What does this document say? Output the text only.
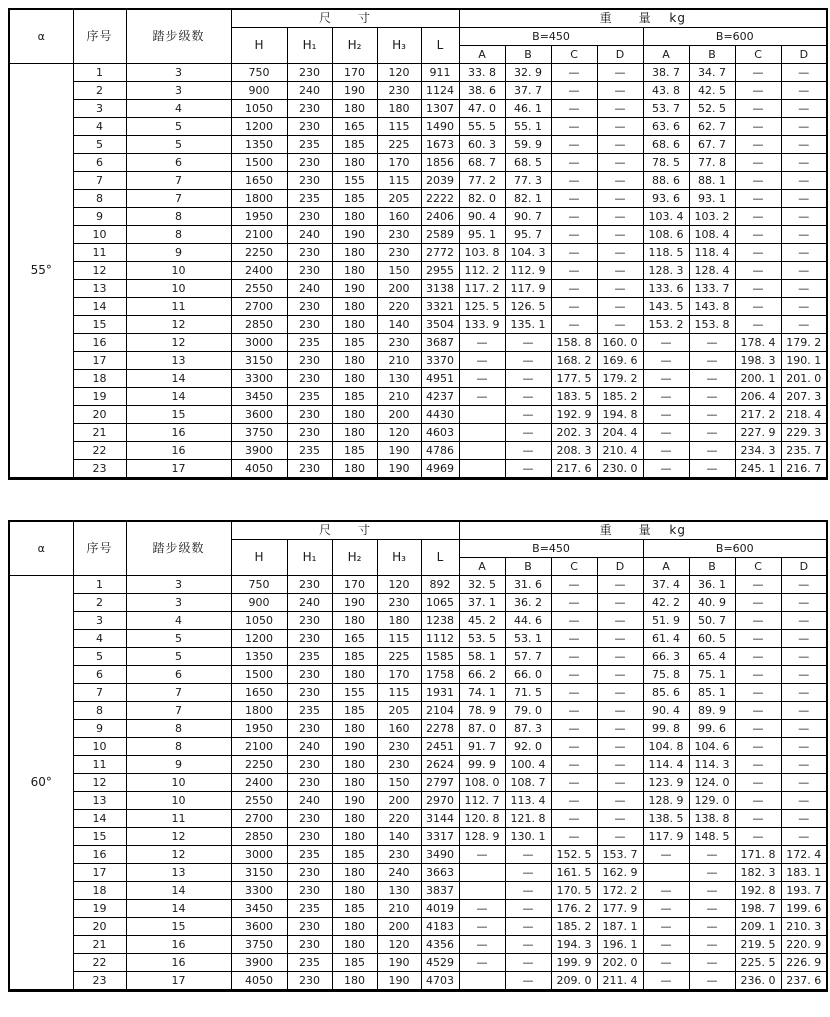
α	序号	踏步级数	尺　　寸					重　　量　 kg							
			H	H₁	H₂	H₃	L	B=450				B=600			
								A	B	C	D	A	B	C	D
55°	1	3	750	230	170	120	911	33. 8	32. 9	—	—	38. 7	34. 7	—	—
	2	3	900	240	190	230	1124	38. 6	37. 7	—	—	43. 8	42. 5	—	—
	3	4	1050	230	180	180	1307	47. 0	46. 1	—	—	53. 7	52. 5	—	—
	4	5	1200	230	165	115	1490	55. 5	55. 1	—	—	63. 6	62. 7	—	—
	5	5	1350	235	185	225	1673	60. 3	59. 9	—	—	68. 6	67. 7	—	—
	6	6	1500	230	180	170	1856	68. 7	68. 5	—	—	78. 5	77. 8	—	—
	7	7	1650	230	155	115	2039	77. 2	77. 3	—	—	88. 6	88. 1	—	—
	8	7	1800	235	185	205	2222	82. 0	82. 1	—	—	93. 6	93. 1	—	—
	9	8	1950	230	180	160	2406	90. 4	90. 7	—	—	103. 4	103. 2	—	—
	10	8	2100	240	190	230	2589	95. 1	95. 7	—	—	108. 6	108. 4	—	—
	11	9	2250	230	180	230	2772	103. 8	104. 3	—	—	118. 5	118. 4	—	—
	12	10	2400	230	180	150	2955	112. 2	112. 9	—	—	128. 3	128. 4	—	—
	13	10	2550	240	190	200	3138	117. 2	117. 9	—	—	133. 6	133. 7	—	—
	14	11	2700	230	180	220	3321	125. 5	126. 5	—	—	143. 5	143. 8	—	—
	15	12	2850	230	180	140	3504	133. 9	135. 1	—	—	153. 2	153. 8	—	—
	16	12	3000	235	185	230	3687	—	—	158. 8	160. 0	—	—	178. 4	179. 2
	17	13	3150	230	180	210	3370	—	—	168. 2	169. 6	—	—	198. 3	190. 1
	18	14	3300	230	180	130	4951	—	—	177. 5	179. 2	—	—	200. 1	201. 0
	19	14	3450	235	185	210	4237	—	—	183. 5	185. 2	—	—	206. 4	207. 3
	20	15	3600	230	180	200	4430		—	192. 9	194. 8	—	—	217. 2	218. 4
	21	16	3750	230	180	120	4603		—	202. 3	204. 4	—	—	227. 9	229. 3
	22	16	3900	235	185	190	4786		—	208. 3	210. 4	—	—	234. 3	235. 7
	23	17	4050	230	180	190	4969		—	217. 6	230. 0	—	—	245. 1	216. 7
α	序号	踏步级数	尺　　寸					重　　量　 kg							
			H	H₁	H₂	H₃	L	B=450				B=600			
								A	B	C	D	A	B	C	D
60°	1	3	750	230	170	120	892	32. 5	31. 6	—	—	37. 4	36. 1	—	—
	2	3	900	240	190	230	1065	37. 1	36. 2	—	—	42. 2	40. 9	—	—
	3	4	1050	230	180	180	1238	45. 2	44. 6	—	—	51. 9	50. 7	—	—
	4	5	1200	230	165	115	1112	53. 5	53. 1	—	—	61. 4	60. 5	—	—
	5	5	1350	235	185	225	1585	58. 1	57. 7	—	—	66. 3	65. 4	—	—
	6	6	1500	230	180	170	1758	66. 2	66. 0	—	—	75. 8	75. 1	—	—
	7	7	1650	230	155	115	1931	74. 1	71. 5	—	—	85. 6	85. 1	—	—
	8	7	1800	235	185	205	2104	78. 9	79. 0	—	—	90. 4	89. 9	—	—
	9	8	1950	230	180	160	2278	87. 0	87. 3	—	—	99. 8	99. 6	—	—
	10	8	2100	240	190	230	2451	91. 7	92. 0	—	—	104. 8	104. 6	—	—
	11	9	2250	230	180	230	2624	99. 9	100. 4	—	—	114. 4	114. 3	—	—
	12	10	2400	230	180	150	2797	108. 0	108. 7	—	—	123. 9	124. 0	—	—
	13	10	2550	240	190	200	2970	112. 7	113. 4	—	—	128. 9	129. 0	—	—
	14	11	2700	230	180	220	3144	120. 8	121. 8	—	—	138. 5	138. 8	—	—
	15	12	2850	230	180	140	3317	128. 9	130. 1	—	—	117. 9	148. 5	—	—
	16	12	3000	235	185	230	3490	—	—	152. 5	153. 7	—	—	171. 8	172. 4
	17	13	3150	230	180	240	3663		—	161. 5	162. 9		—	182. 3	183. 1
	18	14	3300	230	180	130	3837		—	170. 5	172. 2	—	—	192. 8	193. 7
	19	14	3450	235	185	210	4019	—	—	176. 2	177. 9	—	—	198. 7	199. 6
	20	15	3600	230	180	200	4183	—	—	185. 2	187. 1	—	—	209. 1	210. 3
	21	16	3750	230	180	120	4356	—	—	194. 3	196. 1	—	—	219. 5	220. 9
	22	16	3900	235	185	190	4529	—	—	199. 9	202. 0	—	—	225. 5	226. 9
	23	17	4050	230	180	190	4703		—	209. 0	211. 4	—	—	236. 0	237. 6
